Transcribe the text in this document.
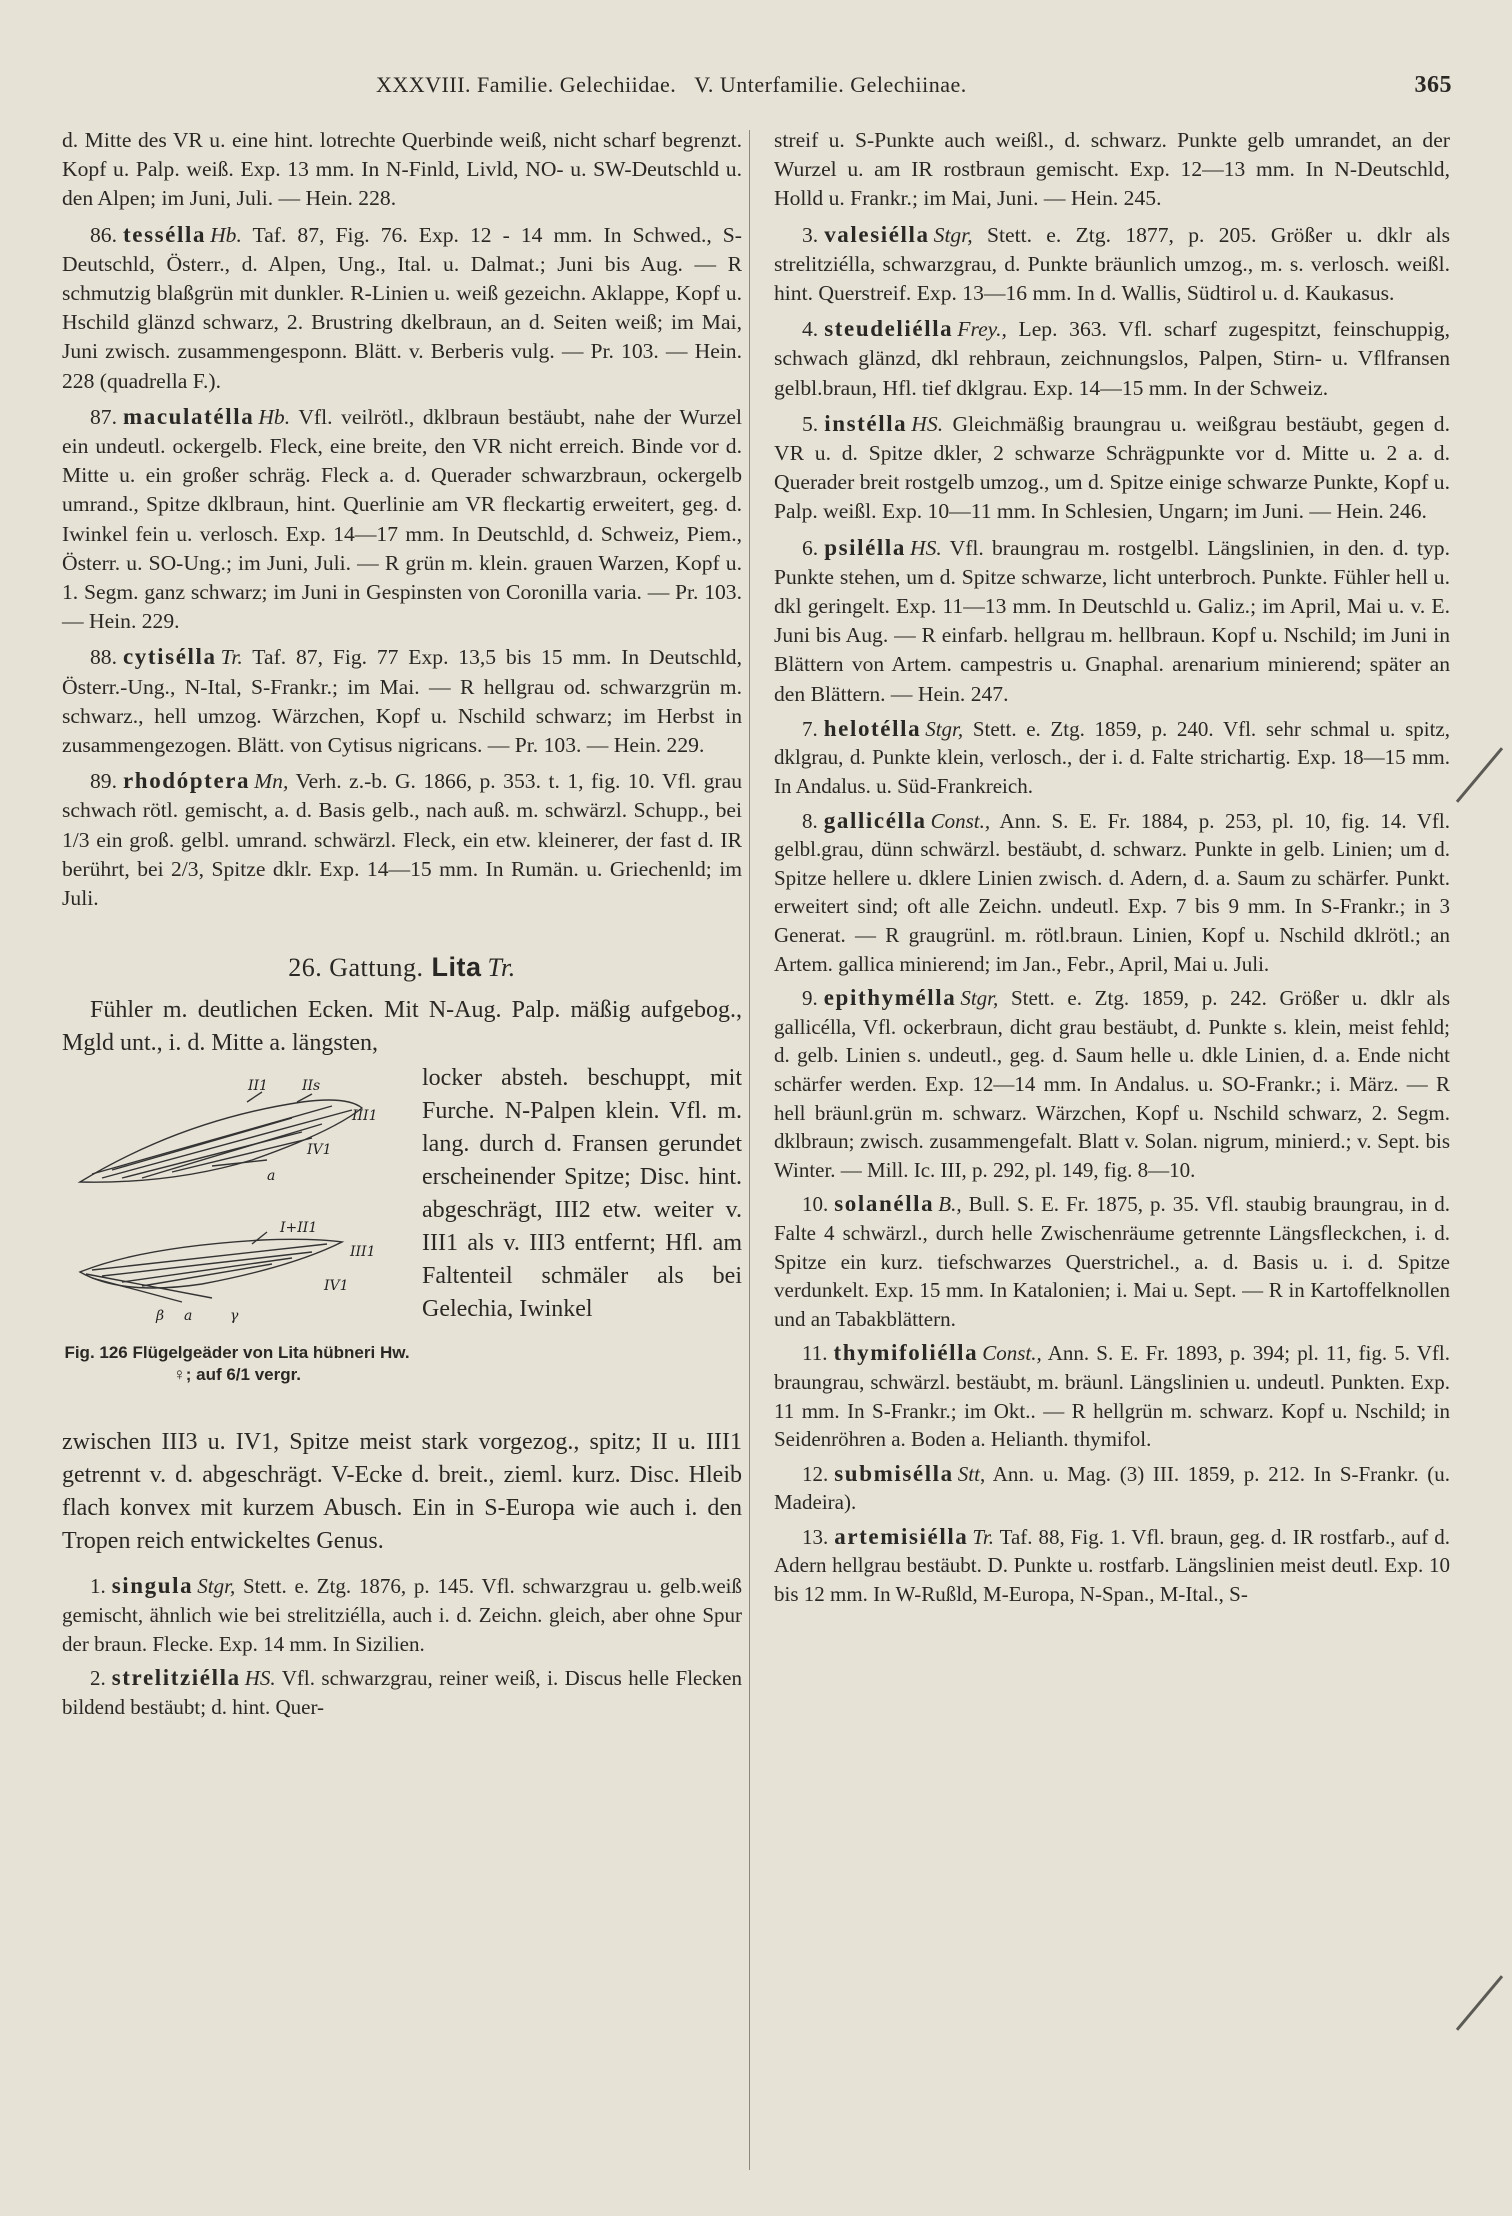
XXXVIII. Familie. Gelechiidae. V. Unterfamilie. Gelechiinae.	365

d. Mitte des VR u. eine hint. lotrechte Querbinde weiß, nicht scharf begrenzt. Kopf u. Palp. weiß. Exp. 13 mm. In N-Finld, Livld, NO- u. SW-Deutschld u. den Alpen; im Juni, Juli. — Hein. 228.

86. tessélla Hb. Taf. 87, Fig. 76. Exp. 12 - 14 mm. In Schwed., S-Deutschld, Österr., d. Alpen, Ung., Ital. u. Dalmat.; Juni bis Aug. — R schmutzig blaßgrün mit dunkler. R-Linien u. weiß gezeichn. Aklappe, Kopf u. Hschild glänzd schwarz, 2. Brustring dkelbraun, an d. Seiten weiß; im Mai, Juni zwisch. zusammengesponn. Blätt. v. Berberis vulg. — Pr. 103. — Hein. 228 (quadrella F.).

87. maculatélla Hb. Vfl. veilrötl., dklbraun bestäubt, nahe der Wurzel ein undeutl. ockergelb. Fleck, eine breite, den VR nicht erreich. Binde vor d. Mitte u. ein großer schräg. Fleck a. d. Querader schwarzbraun, ockergelb umrand., Spitze dklbraun, hint. Querlinie am VR fleckartig erweitert, geg. d. Iwinkel fein u. verlosch. Exp. 14—17 mm. In Deutschld, d. Schweiz, Piem., Österr. u. SO-Ung.; im Juni, Juli. — R grün m. klein. grauen Warzen, Kopf u. 1. Segm. ganz schwarz; im Juni in Gespinsten von Coronilla varia. — Pr. 103. — Hein. 229.

88. cytisélla Tr. Taf. 87, Fig. 77 Exp. 13,5 bis 15 mm. In Deutschld, Österr.-Ung., N-Ital, S-Frankr.; im Mai. — R hellgrau od. schwarzgrün m. schwarz., hell umzog. Wärzchen, Kopf u. Nschild schwarz; im Herbst in zusammengezogen. Blätt. von Cytisus nigricans. — Pr. 103. — Hein. 229.

89. rhodóptera Mn, Verh. z.-b. G. 1866, p. 353. t. 1, fig. 10. Vfl. grau schwach rötl. gemischt, a. d. Basis gelb., nach auß. m. schwärzl. Schupp., bei 1/3 ein groß. gelbl. umrand. schwärzl. Fleck, ein etw. kleinerer, der fast d. IR berührt, bei 2/3, Spitze dklr. Exp. 14—15 mm. In Rumän. u. Griechenld; im Juli.

26. Gattung. Lita Tr.

Fühler m. deutlichen Ecken. Mit N-Aug. Palp. mäßig aufgebog., Mgld unt., i. d. Mitte a. längsten,

II1 IIs
III1
IV1
a
I+II1
III1
IV1
β a	γ
Fig. 126 Flügelgeäder von Lita hübneri Hw. ♀; auf 6/1 vergr.
locker absteh. beschuppt, mit Furche. N-Palpen klein. Vfl. m. lang. durch d. Fransen gerundet erscheinender Spitze; Disc. hint. abgeschrägt, III2 etw. weiter v. III1 als v. III3 entfernt; Hfl. am Faltenteil schmäler als bei Gelechia, Iwinkel

zwischen III3 u. IV1, Spitze meist stark vorgezog., spitz; II u. III1 getrennt v. d. abgeschrägt. V-Ecke d. breit., zieml. kurz. Disc. Hleib flach konvex mit kurzem Abusch. Ein in S-Europa wie auch i. den Tropen reich entwickeltes Genus.

1. singula Stgr, Stett. e. Ztg. 1876, p. 145. Vfl. schwarzgrau u. gelb.weiß gemischt, ähnlich wie bei strelitziélla, auch i. d. Zeichn. gleich, aber ohne Spur der braun. Flecke. Exp. 14 mm. In Sizilien.

2. strelitziélla HS. Vfl. schwarzgrau, reiner weiß, i. Discus helle Flecken bildend bestäubt; d. hint. Quer-

streif u. S-Punkte auch weißl., d. schwarz. Punkte gelb umrandet, an der Wurzel u. am IR rostbraun gemischt. Exp. 12—13 mm. In N-Deutschld, Holld u. Frankr.; im Mai, Juni. — Hein. 245.

3. valesiélla Stgr, Stett. e. Ztg. 1877, p. 205. Größer u. dklr als strelitziélla, schwarzgrau, d. Punkte bräunlich umzog., m. s. verlosch. weißl. hint. Querstreif. Exp. 13—16 mm. In d. Wallis, Südtirol u. d. Kaukasus.

4. steudeliélla Frey., Lep. 363. Vfl. scharf zugespitzt, feinschuppig, schwach glänzd, dkl rehbraun, zeichnungslos, Palpen, Stirn- u. Vflfransen gelbl.braun, Hfl. tief dklgrau. Exp. 14—15 mm. In der Schweiz.

5. instélla HS. Gleichmäßig braungrau u. weißgrau bestäubt, gegen d. VR u. d. Spitze dkler, 2 schwarze Schrägpunkte vor d. Mitte u. 2 a. d. Querader breit rostgelb umzog., um d. Spitze einige schwarze Punkte, Kopf u. Palp. weißl. Exp. 10—11 mm. In Schlesien, Ungarn; im Juni. — Hein. 246.

6. psilélla HS. Vfl. braungrau m. rostgelbl. Längslinien, in den. d. typ. Punkte stehen, um d. Spitze schwarze, licht unterbroch. Punkte. Fühler hell u. dkl geringelt. Exp. 11—13 mm. In Deutschld u. Galiz.; im April, Mai u. v. E. Juni bis Aug. — R einfarb. hellgrau m. hellbraun. Kopf u. Nschild; im Juni in Blättern von Artem. campestris u. Gnaphal. arenarium minierend; später an den Blättern. — Hein. 247.

7. helotélla Stgr, Stett. e. Ztg. 1859, p. 240. Vfl. sehr schmal u. spitz, dklgrau, d. Punkte klein, verlosch., der i. d. Falte strichartig. Exp. 18—15 mm. In Andalus. u. Süd-Frankreich.

8. gallicélla Const., Ann. S. E. Fr. 1884, p. 253, pl. 10, fig. 14. Vfl. gelbl.grau, dünn schwärzl. bestäubt, d. schwarz. Punkte in gelb. Linien; um d. Spitze hellere u. dklere Linien zwisch. d. Adern, d. a. Saum zu schärfer. Punkt. erweitert sind; oft alle Zeichn. undeutl. Exp. 7 bis 9 mm. In S-Frankr.; in 3 Generat. — R graugrünl. m. rötl.braun. Linien, Kopf u. Nschild dklrötl.; an Artem. gallica minierend; im Jan., Febr., April, Mai u. Juli.

9. epithymélla Stgr, Stett. e. Ztg. 1859, p. 242. Größer u. dklr als gallicélla, Vfl. ockerbraun, dicht grau bestäubt, d. Punkte s. klein, meist fehld; d. gelb. Linien s. undeutl., geg. d. Saum helle u. dkle Linien, d. a. Ende nicht schärfer werden. Exp. 12—14 mm. In Andalus. u. SO-Frankr.; i. März. — R hell bräunl.grün m. schwarz. Wärzchen, Kopf u. Nschild schwarz, 2. Segm. dklbraun; zwisch. zusammengefalt. Blatt v. Solan. nigrum, minierd.; v. Sept. bis Winter. — Mill. Ic. III, p. 292, pl. 149, fig. 8—10.

10. solanélla B., Bull. S. E. Fr. 1875, p. 35. Vfl. staubig braungrau, in d. Falte 4 schwärzl., durch helle Zwischenräume getrennte Längsfleckchen, i. d. Spitze ein kurz. tiefschwarzes Querstrichel., a. d. Basis u. i. d. Spitze verdunkelt. Exp. 15 mm. In Katalonien; i. Mai u. Sept. — R in Kartoffelknollen und an Tabakblättern.

11. thymifoliélla Const., Ann. S. E. Fr. 1893, p. 394; pl. 11, fig. 5. Vfl. braungrau, schwärzl. bestäubt, m. bräunl. Längslinien u. undeutl. Punkten. Exp. 11 mm. In S-Frankr.; im Okt.. — R hellgrün m. schwarz. Kopf u. Nschild; in Seidenröhren a. Boden a. Helianth. thymifol.

12. submisélla Stt, Ann. u. Mag. (3) III. 1859, p. 212. In S-Frankr. (u. Madeira).

13. artemisiélla Tr. Taf. 88, Fig. 1. Vfl. braun, geg. d. IR rostfarb., auf d. Adern hellgrau bestäubt. D. Punkte u. rostfarb. Längslinien meist deutl. Exp. 10 bis 12 mm. In W-Rußld, M-Europa, N-Span., M-Ital., S-
